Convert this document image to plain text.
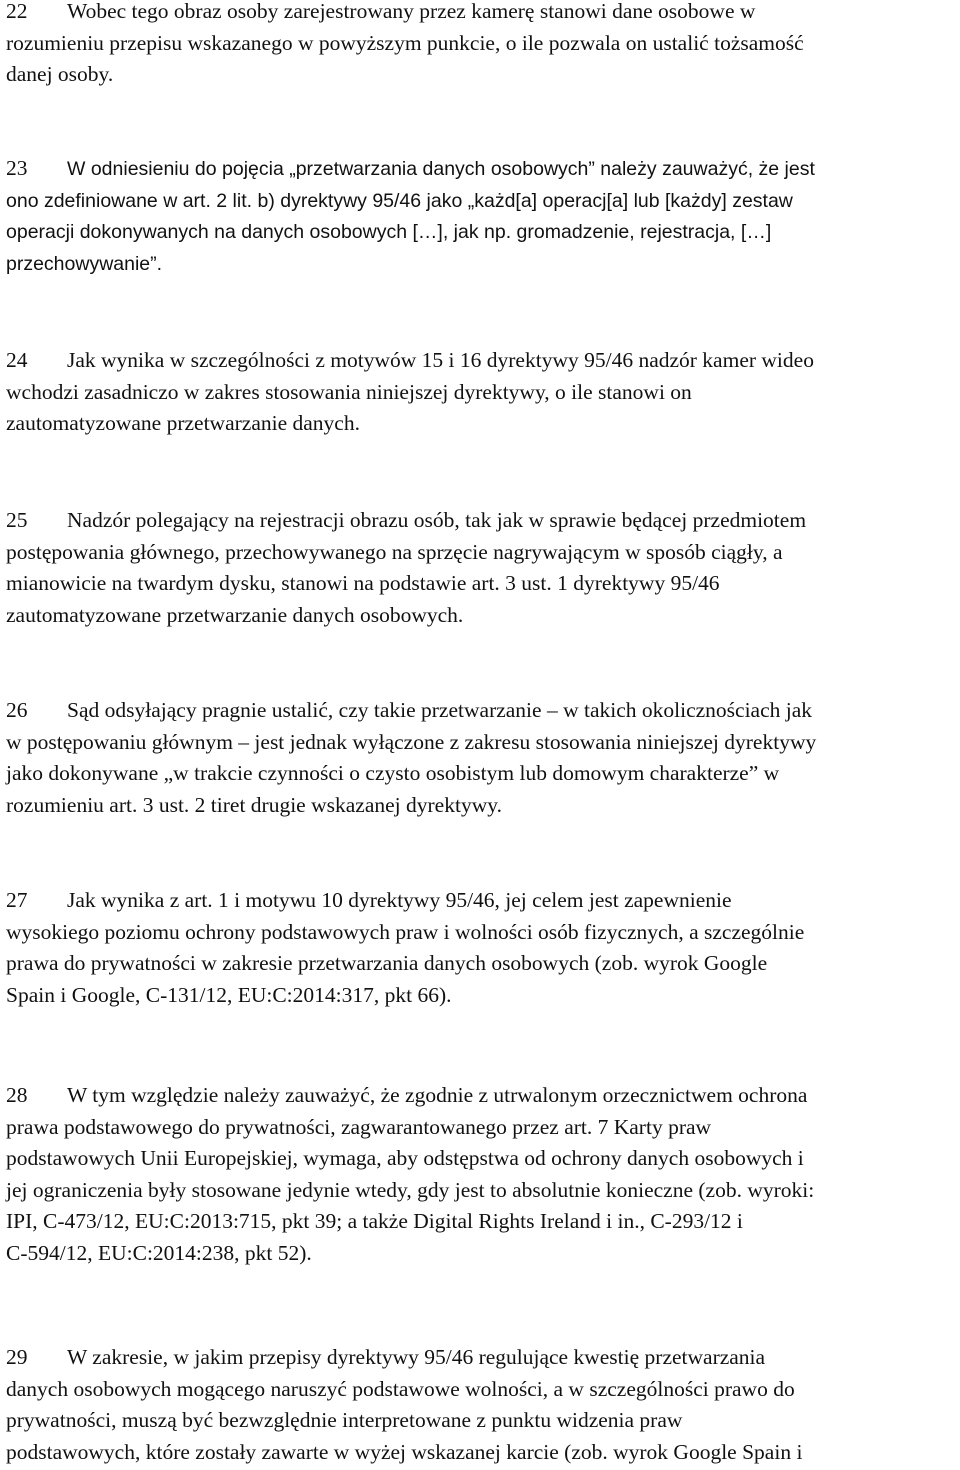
22 Wobec tego obraz osoby zarejestrowany przez kamerę stanowi dane osobowe w
rozumieniu przepisu wskazanego w powyższym punkcie, o ile pozwala on ustalić tożsamość
danej osoby.
23 W odniesieniu do pojęcia „przetwarzania danych osobowych” należy zauważyć, że jest
ono zdefiniowane w art. 2 lit. b) dyrektywy 95/46 jako „każd[a] operacj[a] lub [każdy] zestaw
operacji dokonywanych na danych osobowych […], jak np. gromadzenie, rejestracja, […]
przechowywanie”.
24 Jak wynika w szczególności z motywów 15 i 16 dyrektywy 95/46 nadzór kamer wideo
wchodzi zasadniczo w zakres stosowania niniejszej dyrektywy, o ile stanowi on
zautomatyzowane przetwarzanie danych.
25 Nadzór polegający na rejestracji obrazu osób, tak jak w sprawie będącej przedmiotem
postępowania głównego, przechowywanego na sprzęcie nagrywającym w sposób ciągły, a
mianowicie na twardym dysku, stanowi na podstawie art. 3 ust. 1 dyrektywy 95/46
zautomatyzowane przetwarzanie danych osobowych.
26 Sąd odsyłający pragnie ustalić, czy takie przetwarzanie – w takich okolicznościach jak
w postępowaniu głównym – jest jednak wyłączone z zakresu stosowania niniejszej dyrektywy
jako dokonywane „w trakcie czynności o czysto osobistym lub domowym charakterze” w
rozumieniu art. 3 ust. 2 tiret drugie wskazanej dyrektywy.
27 Jak wynika z art. 1 i motywu 10 dyrektywy 95/46, jej celem jest zapewnienie
wysokiego poziomu ochrony podstawowych praw i wolności osób fizycznych, a szczególnie
prawa do prywatności w zakresie przetwarzania danych osobowych (zob. wyrok Google
Spain i Google, C‑131/12, EU:C:2014:317, pkt 66).
28 W tym względzie należy zauważyć, że zgodnie z utrwalonym orzecznictwem ochrona
prawa podstawowego do prywatności, zagwarantowanego przez art. 7 Karty praw
podstawowych Unii Europejskiej, wymaga, aby odstępstwa od ochrony danych osobowych i
jej ograniczenia były stosowane jedynie wtedy, gdy jest to absolutnie konieczne (zob. wyroki:
IPI, C‑473/12, EU:C:2013:715, pkt 39; a także Digital Rights Ireland i in., C‑293/12 i
C‑594/12, EU:C:2014:238, pkt 52).
29 W zakresie, w jakim przepisy dyrektywy 95/46 regulujące kwestię przetwarzania
danych osobowych mogącego naruszyć podstawowe wolności, a w szczególności prawo do
prywatności, muszą być bezwzględnie interpretowane z punktu widzenia praw
podstawowych, które zostały zawarte w wyżej wskazanej karcie (zob. wyrok Google Spain i
